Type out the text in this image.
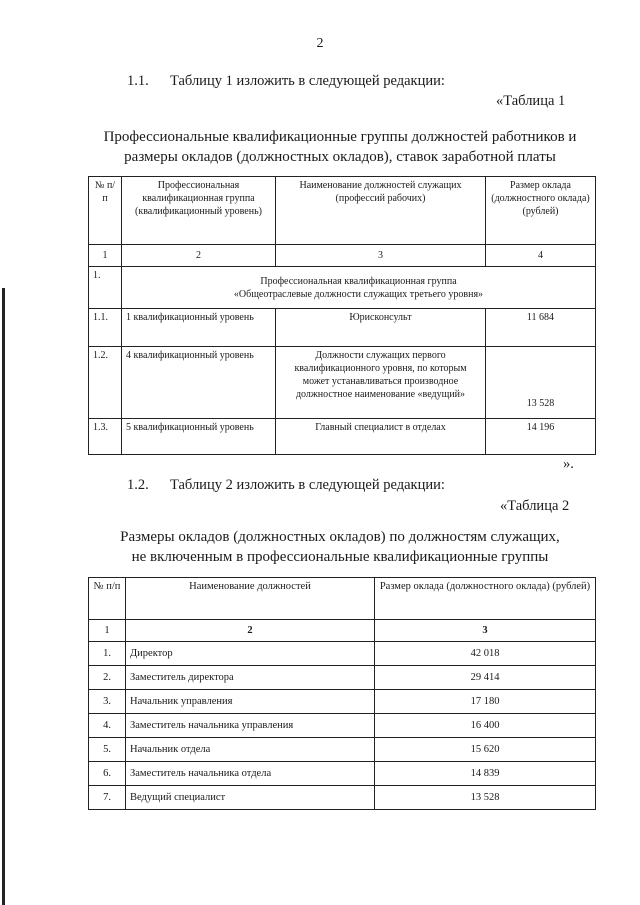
2
1.1. Таблицу 1 изложить в следующей редакции:
«Таблица 1
Профессиональные квалификационные группы должностей работников и
размеры окладов (должностных окладов), ставок заработной платы
№ п/п	Профессиональная квалификационная группа (квалификационный уровень)	Наименование должностей служащих (профессий рабочих)	Размер оклада (должностного оклада) (рублей)
1	2	3	4
1.	Профессиональная квалификационная группа
«Общеотраслевые должности служащих третьего уровня»		

1.1.	1 квалификационный уровень	Юрисконсульт	11 684
1.2.	4 квалификационный уровень	Должности служащих первого квалификационного уровня, по которым может устанавливаться производное должностное наименование «ведущий»	13 528
1.3.	5 квалификационный уровень	Главный специалист в отделах	14 196
».
1.2. Таблицу 2 изложить в следующей редакции:
«Таблица 2
Размеры окладов (должностных окладов) по должностям служащих,
не включенным в профессиональные квалификационные группы
№ п/п	Наименование должностей	Размер оклада (должностного оклада) (рублей)
1	2	3
1.	Директор	42 018
2.	Заместитель директора	29 414
3.	Начальник управления	17 180
4.	Заместитель начальника управления	16 400
5.	Начальник отдела	15 620
6.	Заместитель начальника отдела	14 839
7.	Ведущий специалист	13 528
